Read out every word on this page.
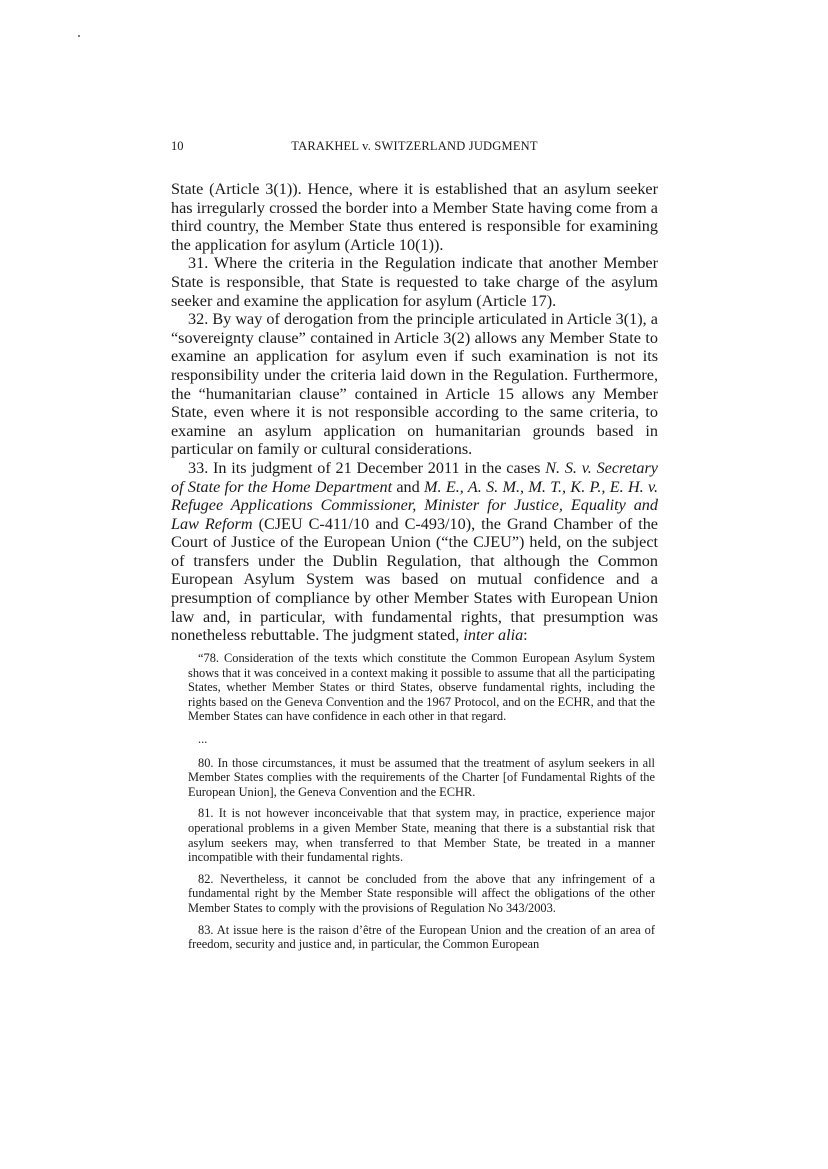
10	TARAKHEL v. SWITZERLAND JUDGMENT

State (Article 3(1)). Hence, where it is established that an asylum seeker has irregularly crossed the border into a Member State having come from a third country, the Member State thus entered is responsible for examining the application for asylum (Article 10(1)).

31. Where the criteria in the Regulation indicate that another Member State is responsible, that State is requested to take charge of the asylum seeker and examine the application for asylum (Article 17).

32. By way of derogation from the principle articulated in Article 3(1), a “sovereignty clause” contained in Article 3(2) allows any Member State to examine an application for asylum even if such examination is not its responsibility under the criteria laid down in the Regulation. Furthermore, the “humanitarian clause” contained in Article 15 allows any Member State, even where it is not responsible according to the same criteria, to examine an asylum application on humanitarian grounds based in particular on family or cultural considerations.

33. In its judgment of 21 December 2011 in the cases N. S. v. Secretary of State for the Home Department and M. E., A. S. M., M. T., K. P., E. H. v. Refugee Applications Commissioner, Minister for Justice, Equality and Law Reform (CJEU C-411/10 and C-493/10), the Grand Chamber of the Court of Justice of the European Union (“the CJEU”) held, on the subject of transfers under the Dublin Regulation, that although the Common European Asylum System was based on mutual confidence and a presumption of compliance by other Member States with European Union law and, in particular, with fundamental rights, that presumption was nonetheless rebuttable. The judgment stated, inter alia:

“78. Consideration of the texts which constitute the Common European Asylum System shows that it was conceived in a context making it possible to assume that all the participating States, whether Member States or third States, observe fundamental rights, including the rights based on the Geneva Convention and the 1967 Protocol, and on the ECHR, and that the Member States can have confidence in each other in that regard.

...

80. In those circumstances, it must be assumed that the treatment of asylum seekers in all Member States complies with the requirements of the Charter [of Fundamental Rights of the European Union], the Geneva Convention and the ECHR.

81. It is not however inconceivable that that system may, in practice, experience major operational problems in a given Member State, meaning that there is a substantial risk that asylum seekers may, when transferred to that Member State, be treated in a manner incompatible with their fundamental rights.

82. Nevertheless, it cannot be concluded from the above that any infringement of a fundamental right by the Member State responsible will affect the obligations of the other Member States to comply with the provisions of Regulation No 343/2003.

83. At issue here is the raison d’être of the European Union and the creation of an area of freedom, security and justice and, in particular, the Common European
